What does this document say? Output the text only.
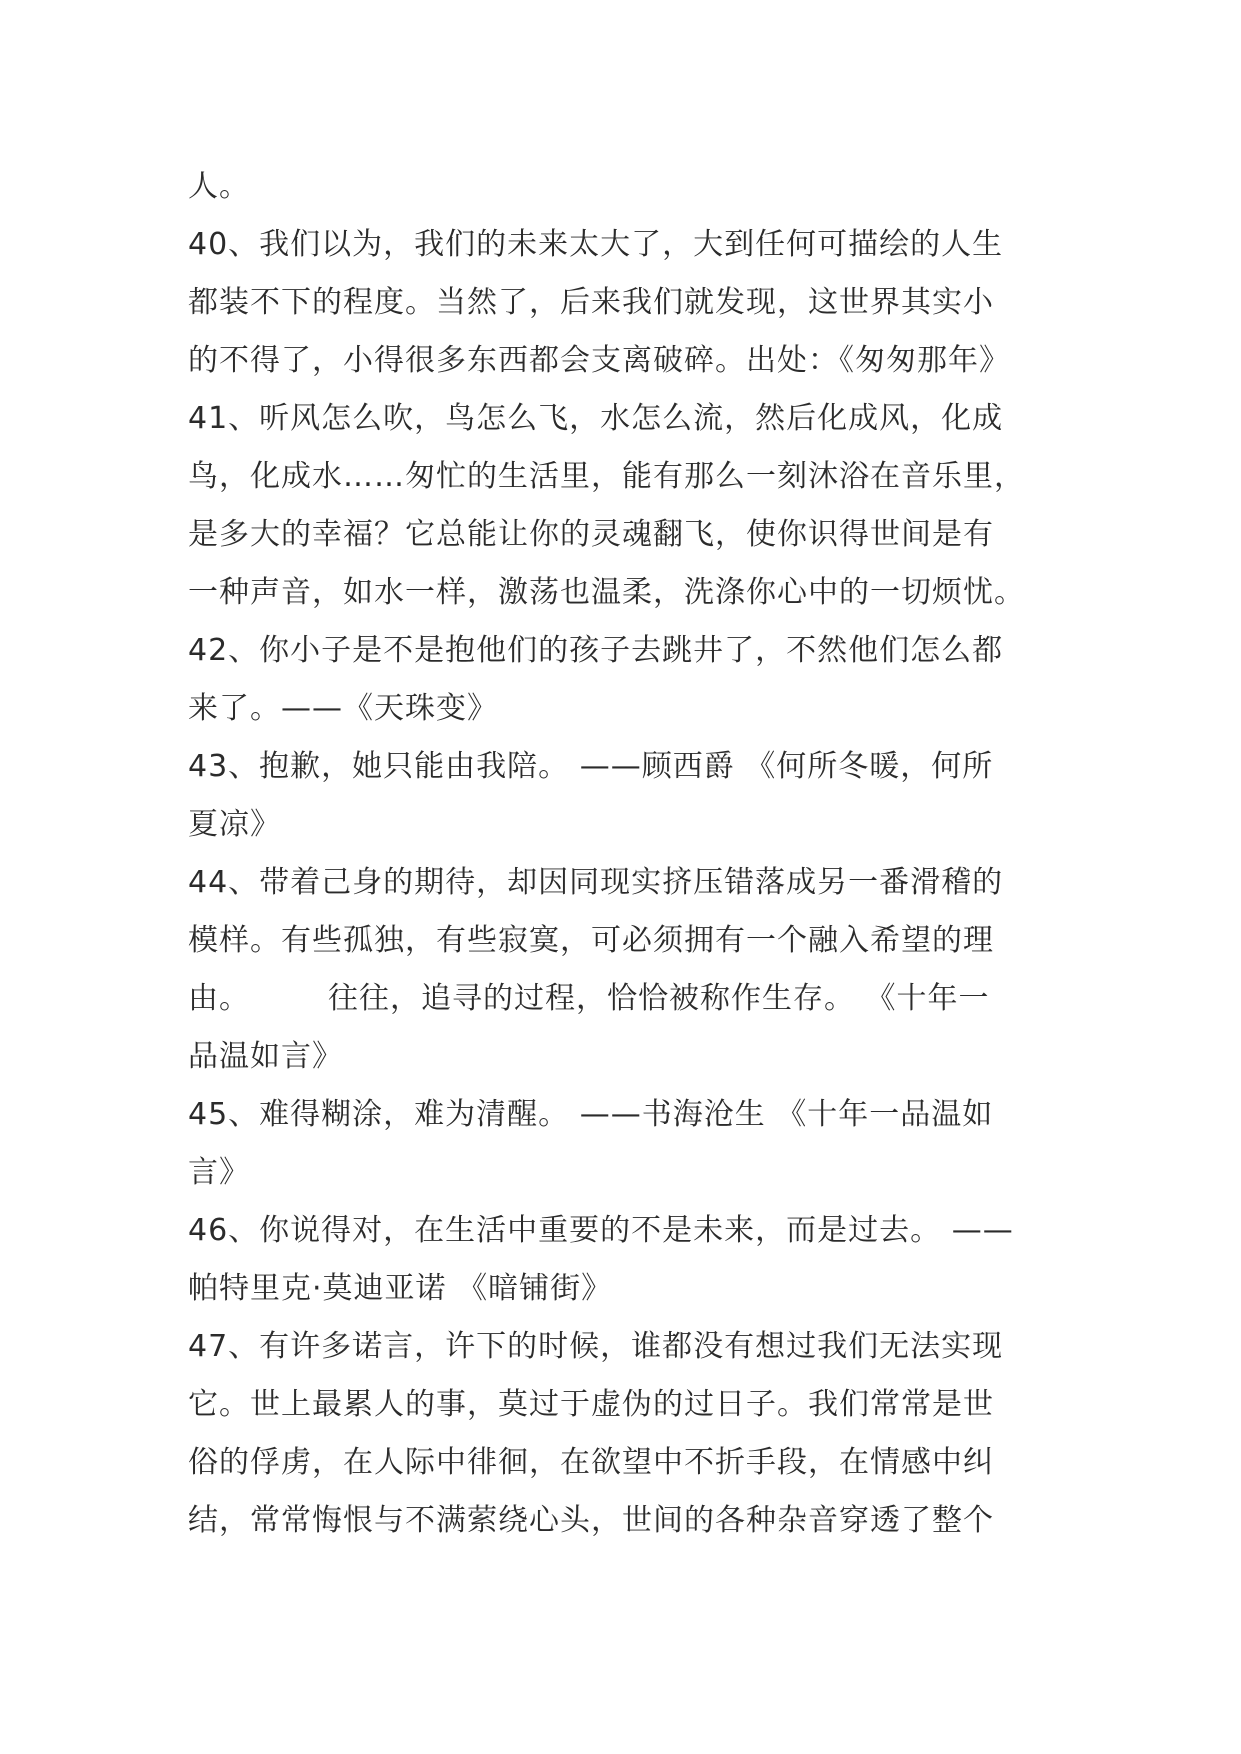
人。
40、我们以为，我们的未来太大了，大到任何可描绘的人生
都装不下的程度。当然了，后来我们就发现，这世界其实小
的不得了，小得很多东西都会支离破碎。出处：《匆匆那年》
41、听风怎么吹，鸟怎么飞，水怎么流，然后化成风，化成
鸟，化成水……匆忙的生活里，能有那么一刻沐浴在音乐里，
是多大的幸福？它总能让你的灵魂翻飞，使你识得世间是有
一种声音，如水一样，激荡也温柔，洗涤你心中的一切烦忧。
42、你小子是不是抱他们的孩子去跳井了，不然他们怎么都
来了。——《天珠变》
43、抱歉，她只能由我陪。 ——顾西爵 《何所冬暖，何所
夏凉》
44、带着己身的期待，却因同现实挤压错落成另一番滑稽的
模样。有些孤独，有些寂寞，可必须拥有一个融入希望的理
由。　　　往往，追寻的过程，恰恰被称作生存。 《十年一
品温如言》
45、难得糊涂，难为清醒。 ——书海沧生 《十年一品温如
言》
46、你说得对，在生活中重要的不是未来，而是过去。 ——
帕特里克·莫迪亚诺 《暗铺街》
47、有许多诺言，许下的时候，谁都没有想过我们无法实现
它。世上最累人的事，莫过于虚伪的过日子。我们常常是世
俗的俘虏，在人际中徘徊，在欲望中不折手段，在情感中纠
结，常常悔恨与不满萦绕心头，世间的各种杂音穿透了整个
